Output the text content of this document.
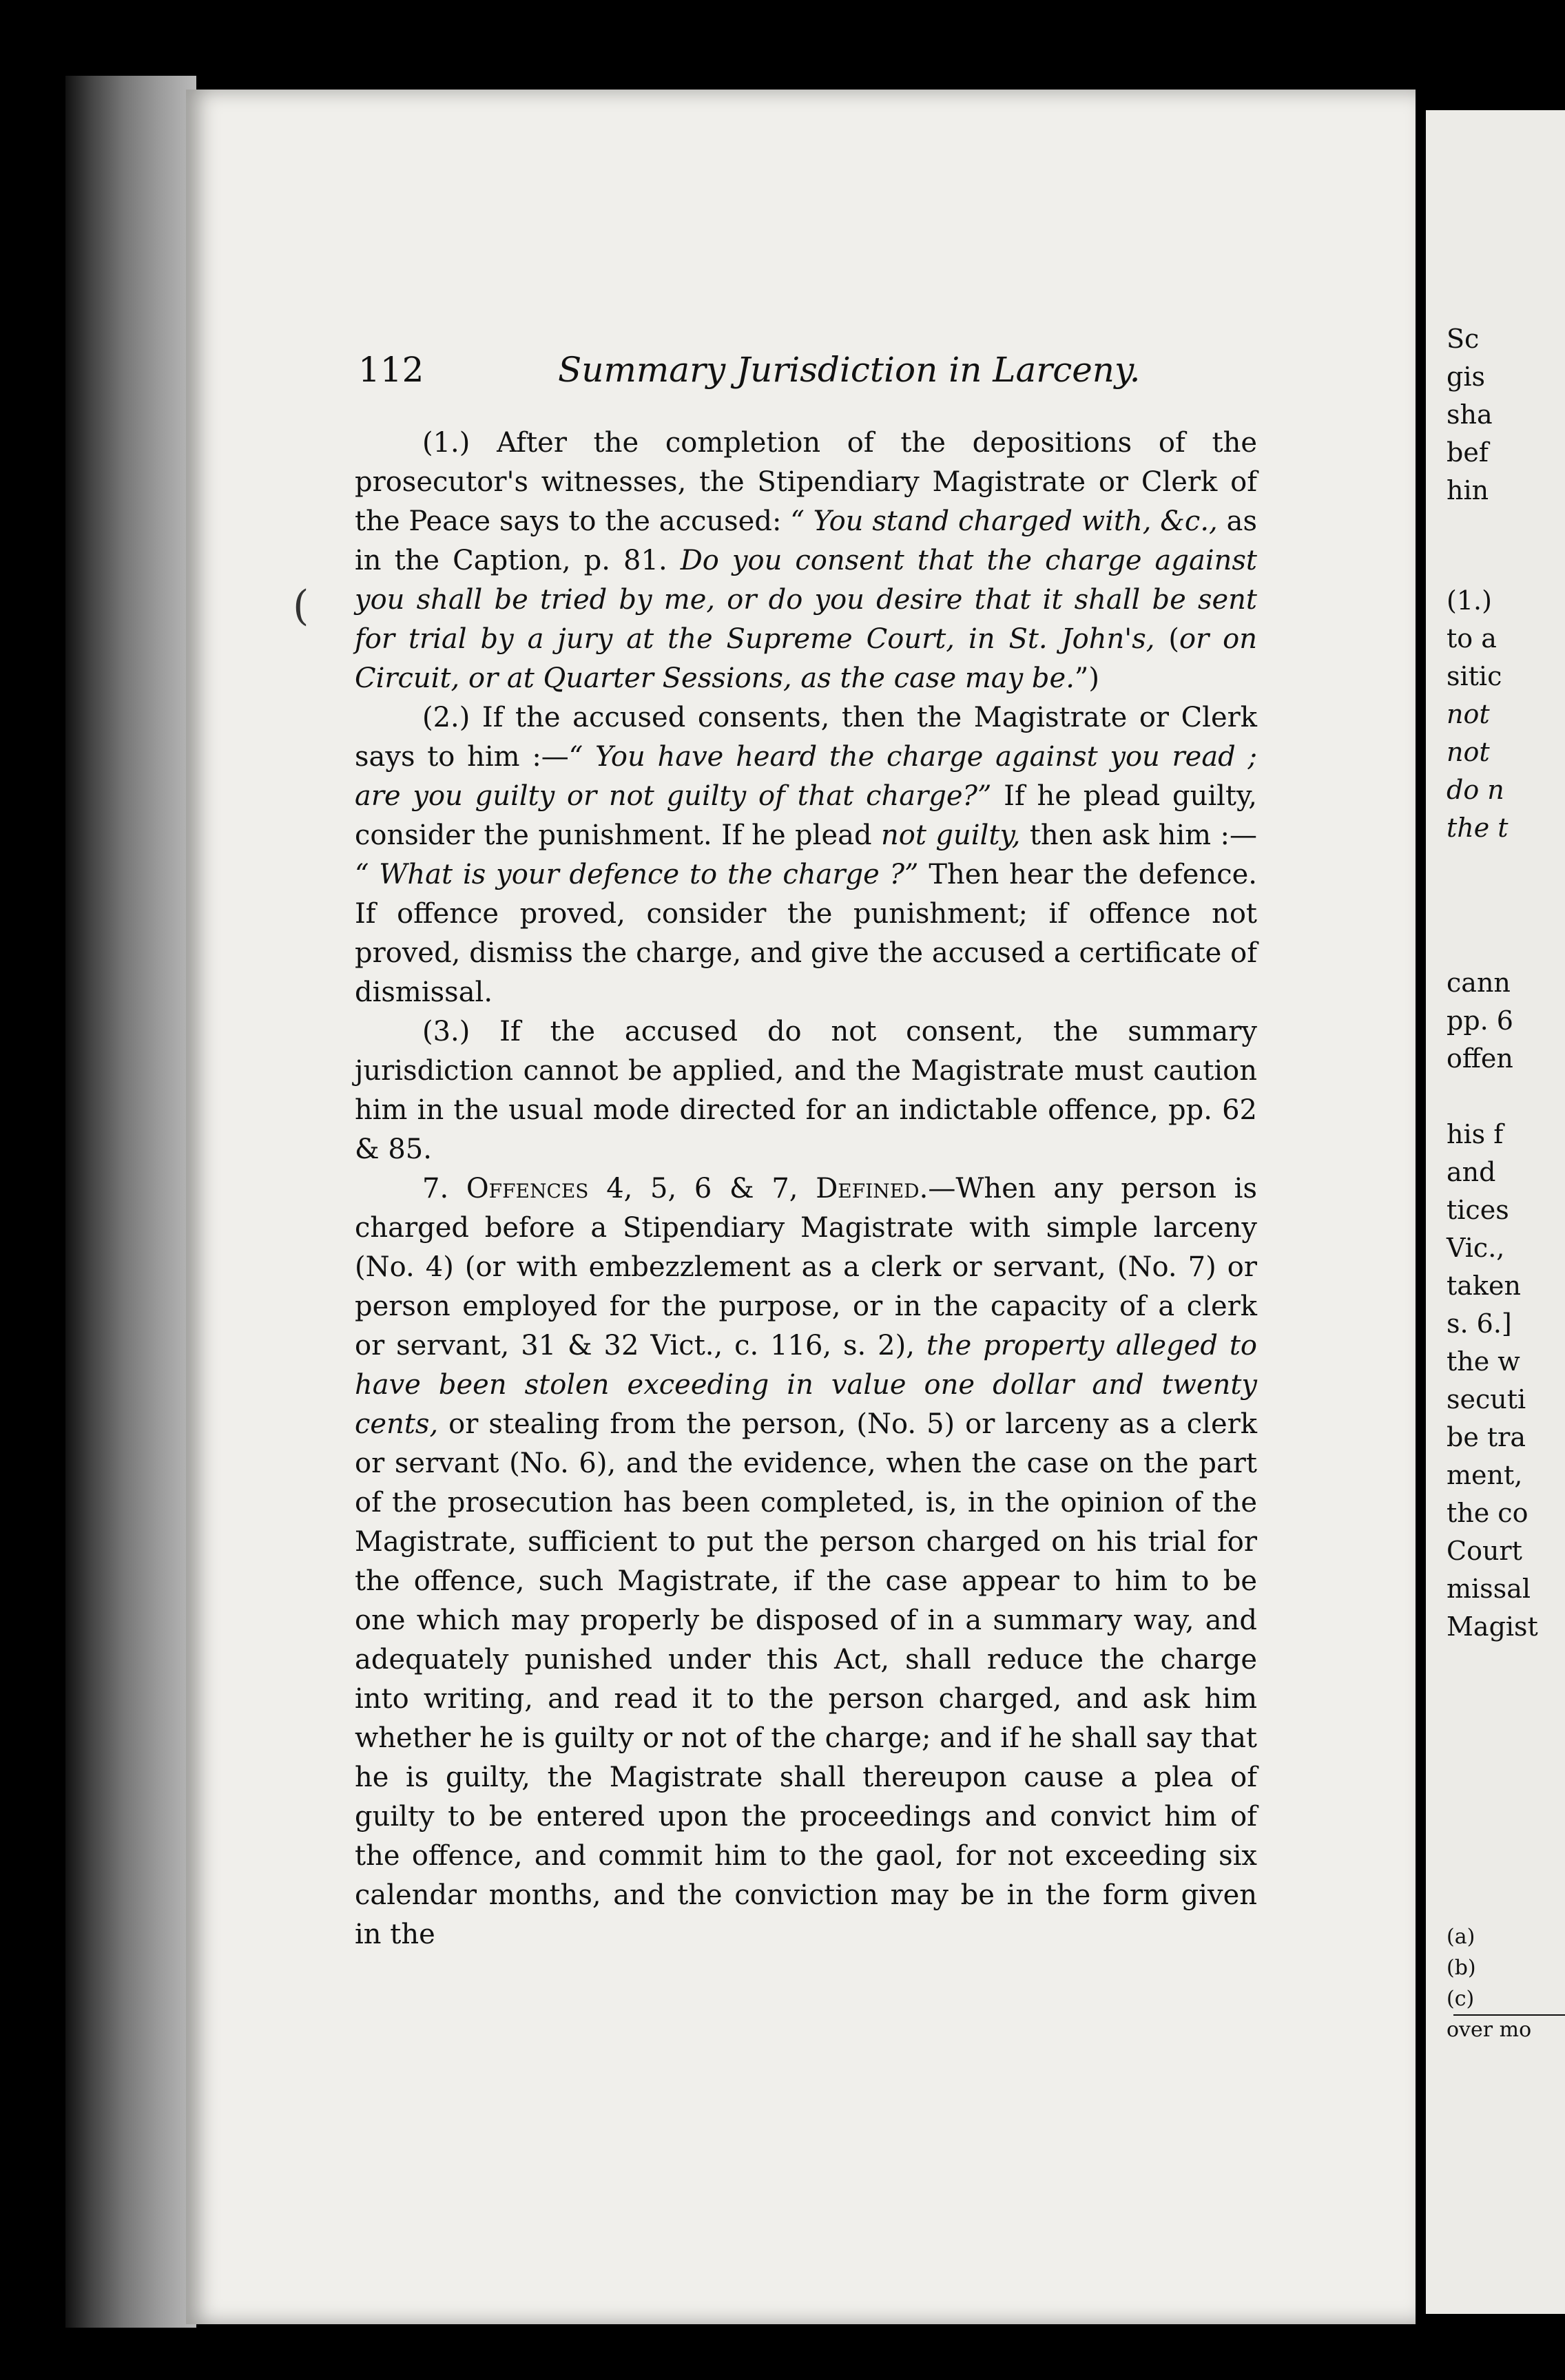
112	Summary Jurisdiction in Larceny.

(1.) After the completion of the depositions of the prosecutor's witnesses, the Stipendiary Magistrate or Clerk of the Peace says to the accused: “ You stand charged with, &c., as in the Caption, p. 81. Do you consent that the charge against you shall be tried by me, or do you desire that it shall be sent for trial by a jury at the Supreme Court, in St. John's, (or on Circuit, or at Quarter Sessions, as the case may be.”)

(2.) If the accused consents, then the Magistrate or Clerk says to him :—“ You have heard the charge against you read ; are you guilty or not guilty of that charge?” If he plead guilty, consider the punishment. If he plead not guilty, then ask him :— “ What is your defence to the charge ?” Then hear the defence. If offence proved, consider the punishment; if offence not proved, dismiss the charge, and give the accused a certificate of dismissal.

(3.) If the accused do not consent, the summary jurisdiction cannot be applied, and the Magistrate must caution him in the usual mode directed for an indictable offence, pp. 62 & 85.

7. Offences 4, 5, 6 & 7, Defined.—When any person is charged before a Stipendiary Magistrate with simple larceny (No. 4) (or with embezzlement as a clerk or servant, (No. 7) or person employed for the purpose, or in the capacity of a clerk or servant, 31 & 32 Vict., c. 116, s. 2), the property alleged to have been stolen exceeding in value one dollar and twenty cents, or stealing from the person, (No. 5) or larceny as a clerk or servant (No. 6), and the evidence, when the case on the part of the prosecution has been completed, is, in the opinion of the Magistrate, sufficient to put the person charged on his trial for the offence, such Magistrate, if the case appear to him to be one which may properly be disposed of in a summary way, and adequately punished under this Act, shall reduce the charge into writing, and read it to the person charged, and ask him whether he is guilty or not of the charge; and if he shall say that he is guilty, the Magistrate shall thereupon cause a plea of guilty to be entered upon the proceedings and convict him of the offence, and commit him to the gaol, for not exceeding six calendar months, and the conviction may be in the form given in the

(
Sc
gis
sha
bef
hin
(1.)
to a
sitic
not
not
do n
the t
cann
pp. 6
offen
his f
and
tices
Vic.,
taken
s. 6.]
the w
secuti
be tra
ment,
the co
Court
missal
Magist
(a)
(b)
(c)
over mo
